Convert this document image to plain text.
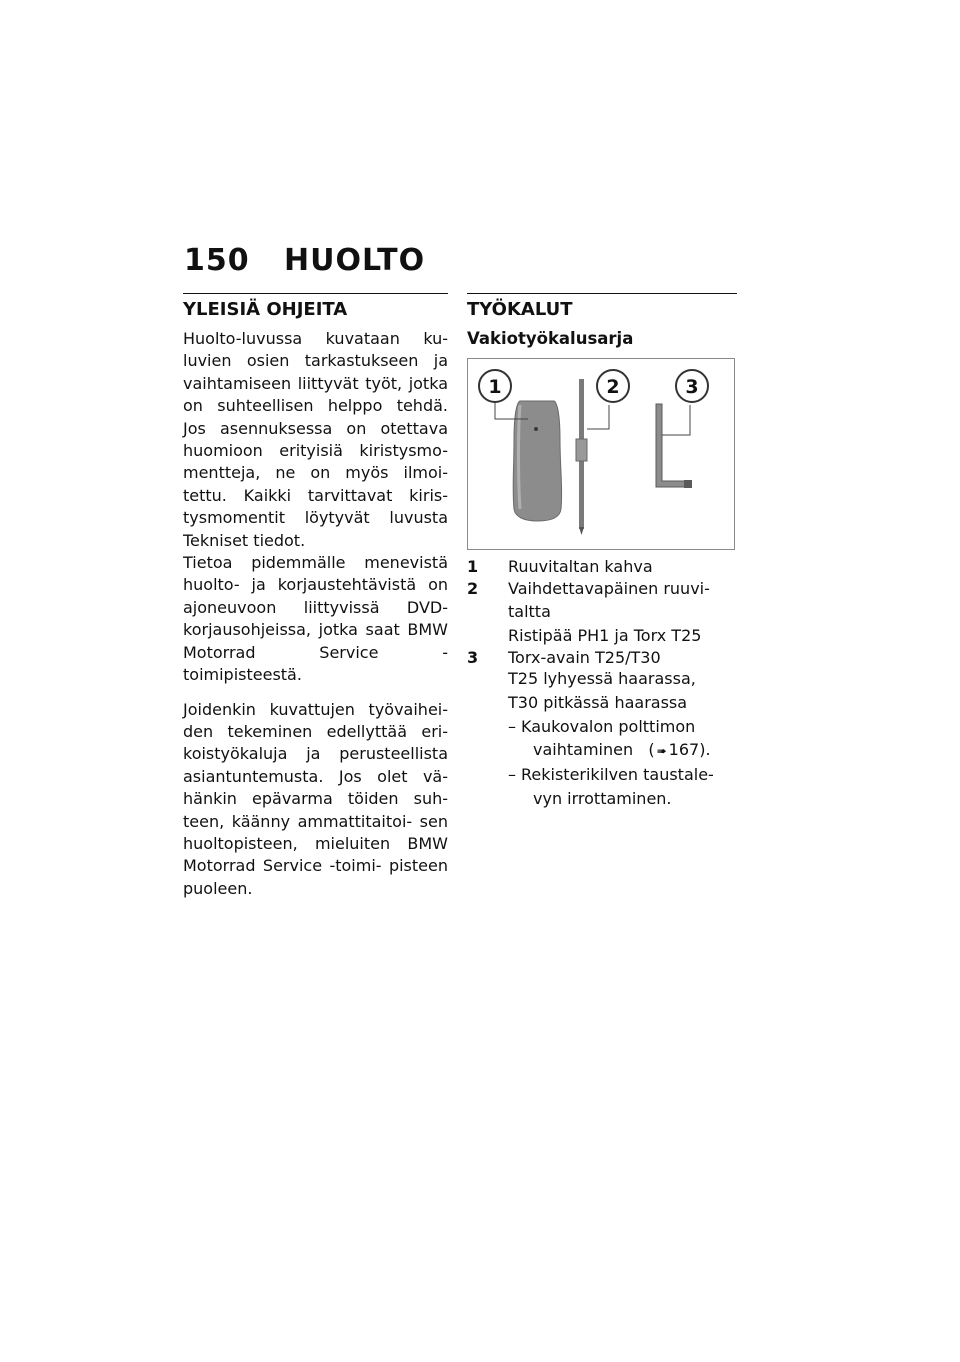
150 HUOLTO
YLEISIÄ OHJEITA

Huolto-luvussa kuvataan ku- luvien osien tarkastukseen ja vaihtamiseen liittyvät työt, jotka on suhteellisen helppo tehdä. Jos asennuksessa on otettava huomioon erityisiä kiristysmo- mentteja, ne on myös ilmoi- tettu. Kaikki tarvittavat kiris- tysmomentit löytyvät luvusta Tekniset tiedot.

Tietoa pidemmälle menevistä huolto- ja korjaustehtävistä on ajoneuvoon liittyvissä DVD-korjausohjeissa, jotka saat BMW Motorrad Service -toimipisteestä.

Joidenkin kuvattujen työvaihei- den tekeminen edellyttää eri- koistyökaluja ja perusteellista asiantuntemusta. Jos olet vä- hänkin epävarma töiden suh- teen, käänny ammattitaitoi- sen huoltopisteen, mieluiten BMW Motorrad Service -toimi- pisteen puoleen.

TYÖKALUT
Vakiotyökalusarja
1	2	3
1	Ruuvitaltan kahva
2	Vaihdettavapäinen ruuvi-
taltta
Ristipää PH1 ja Torx T25
3	Torx-avain T25/T30
T25 lyhyessä haarassa,
T30 pitkässä haarassa
– Kaukovalon polttimon
vaihtaminen ( ➠ 167).
– Rekisterikilven taustale-
vyn irrottaminen.
